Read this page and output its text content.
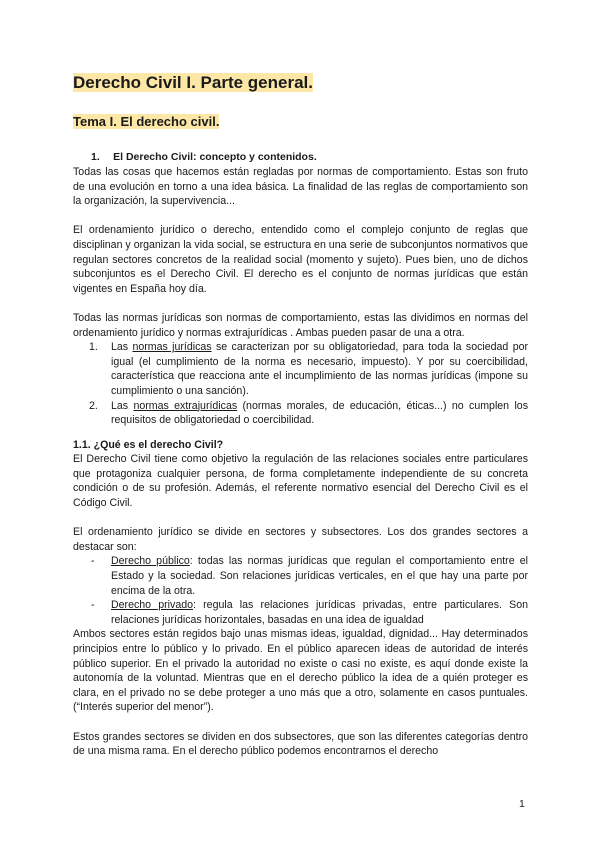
Derecho Civil I. Parte general.
Tema I. El derecho civil.
1. El Derecho Civil: concepto y contenidos.

Todas las cosas que hacemos están regladas por normas de comportamiento. Estas son fruto de una evolución en torno a una idea básica. La finalidad de las reglas de comportamiento son la organización, la supervivencia...

El ordenamiento jurídico o derecho, entendido como el complejo conjunto de reglas que disciplinan y organizan la vida social, se estructura en una serie de subconjuntos normativos que regulan sectores concretos de la realidad social (momento y sujeto). Pues bien, uno de dichos subconjuntos es el Derecho Civil. El derecho es el conjunto de normas jurídicas que están vigentes en España hoy día.

Todas las normas jurídicas son normas de comportamiento, estas las dividimos en normas del ordenamiento jurídico y normas extrajurídicas . Ambas pueden pasar de una a otra.

1. Las normas jurídicas se caracterizan por su obligatoriedad, para toda la sociedad por igual (el cumplimiento de la norma es necesario, impuesto). Y por su coercibilidad, característica que reacciona ante el incumplimiento de las normas jurídicas (impone su cumplimiento o una sanción).
2. Las normas extrajurídicas (normas morales, de educación, éticas...) no cumplen los requisitos de obligatoriedad o coercibilidad.
1.1. ¿Qué es el derecho Civil?

El Derecho Civil tiene como objetivo la regulación de las relaciones sociales entre particulares que protagoniza cualquier persona, de forma completamente independiente de su concreta condición o de su profesión. Además, el referente normativo esencial del Derecho Civil es el Código Civil.

El ordenamiento jurídico se divide en sectores y subsectores. Los dos grandes sectores a destacar son:

- Derecho público: todas las normas jurídicas que regulan el comportamiento entre el Estado y la sociedad. Son relaciones jurídicas verticales, en el que hay una parte por encima de la otra.
- Derecho privado: regula las relaciones jurídicas privadas, entre particulares. Son relaciones jurídicas horizontales, basadas en una idea de igualdad

Ambos sectores están regidos bajo unas mismas ideas, igualdad, dignidad... Hay determinados principios entre lo público y lo privado. En el público aparecen ideas de autoridad de interés público superior. En el privado la autoridad no existe o casi no existe, es aquí donde existe la autonomía de la voluntad. Mientras que en el derecho público la idea de a quién proteger es clara, en el privado no se debe proteger a uno más que a otro, solamente en casos puntuales. (“Interés superior del menor”).

Estos grandes sectores se dividen en dos subsectores, que son las diferentes categorías dentro de una misma rama. En el derecho público podemos encontrarnos el derecho

1
